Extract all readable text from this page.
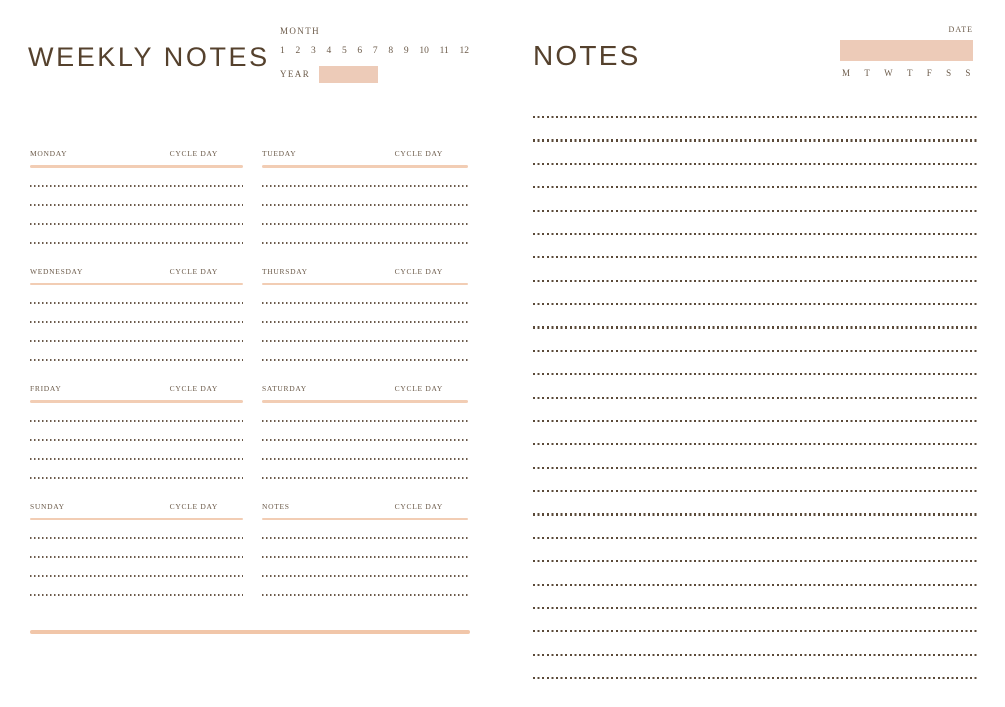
WEEKLY NOTES
MONTH
1 2 3 4 5 6 7 8 9 10 11 12
YEAR
MONDAY	CYCLE DAY	TUEDAY	CYCLE DAY
WEDNESDAY	CYCLE DAY	THURSDAY	CYCLE DAY
FRIDAY	CYCLE DAY	SATURDAY	CYCLE DAY
SUNDAY	CYCLE DAY	NOTES	CYCLE DAY
NOTES
DATE
M T W T F S S
